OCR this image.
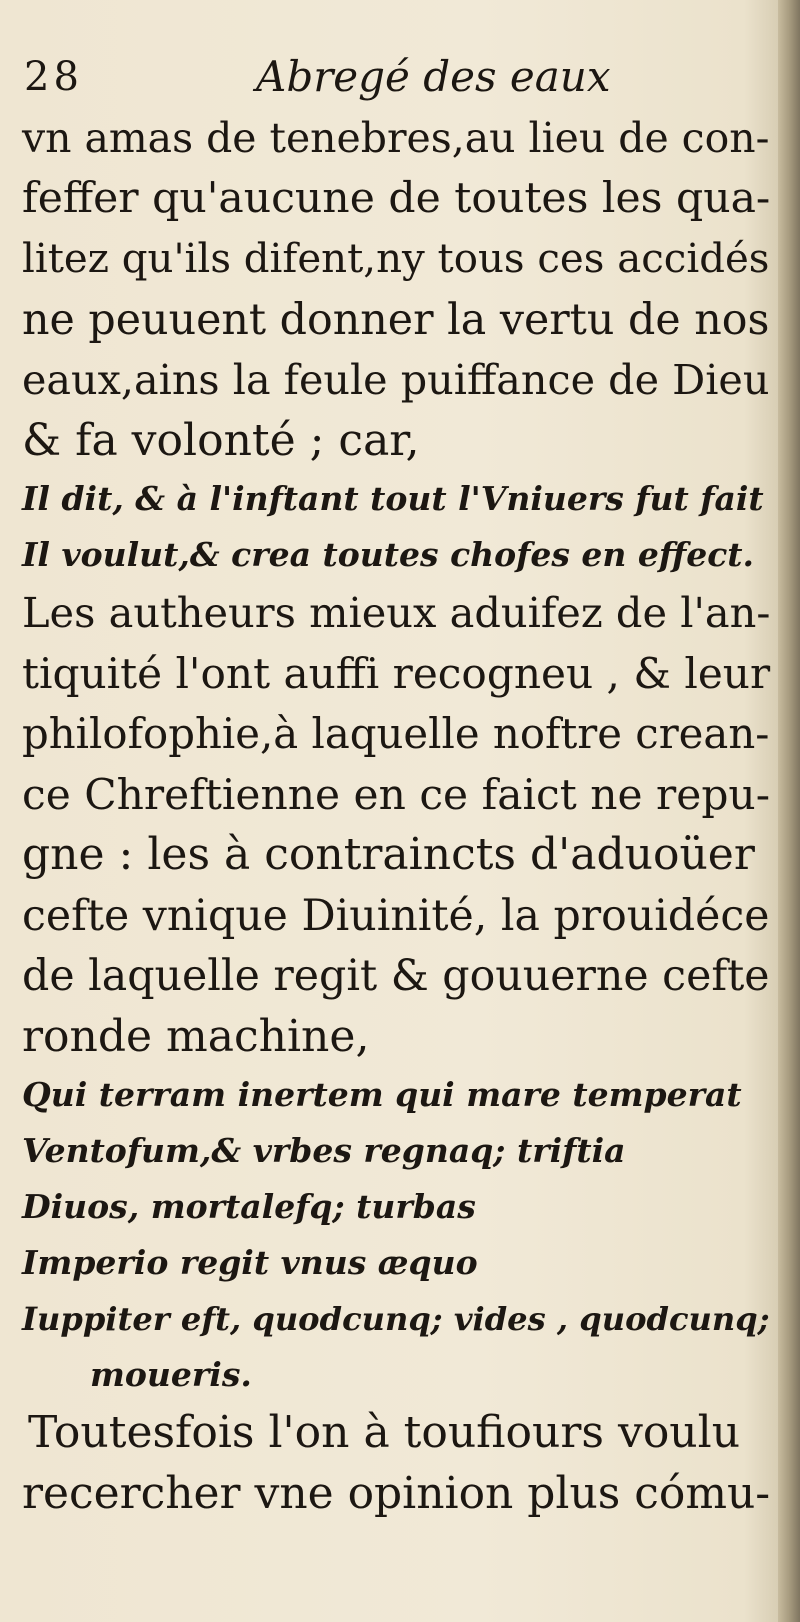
28	Abregé des eaux
vn amas de tenebres,au lieu de con-
feffer qu'aucune de toutes les qua-
litez qu'ils difent,ny tous ces accidés
ne peuuent donner la vertu de nos
eaux,ains la feule puiffance de Dieu
& fa volonté ; car,
Il dit, & à l'inftant tout l'Vniuers fut fait
Il voulut,& crea toutes chofes en effect.
Les autheurs mieux aduifez de l'an-
tiquité l'ont auffi recogneu , & leur
philofophie,à laquelle noftre crean-
ce Chreftienne en ce faict ne repu-
gne : les à contraincts d'aduoüer
cefte vnique Diuinité, la prouidéce
de laquelle regit & gouuerne cefte
ronde machine,
Qui terram inertem qui mare temperat
Ventofum,& vrbes regnaq; triftia
Diuos, mortalefq; turbas
Imperio regit vnus æquo
Iuppiter eft, quodcunq; vides , quodcunq;
moueris.
Toutesfois l'on à toufiours voulu
recercher vne opinion plus cómu-
